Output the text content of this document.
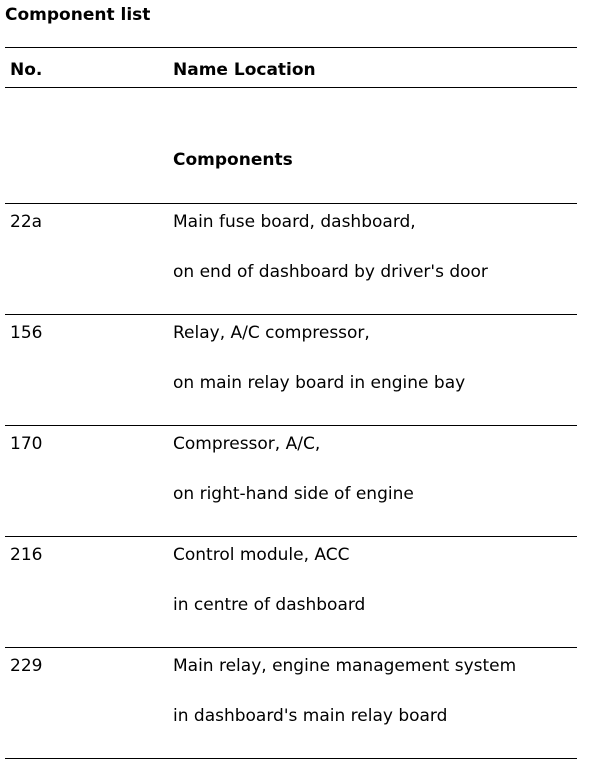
Component list
No.	Name Location
Components
22a	Main fuse board, dashboard,
on end of dashboard by driver's door
156	Relay, A/C compressor,
on main relay board in engine bay
170	Compressor, A/C,
on right-hand side of engine
216	Control module, ACC
in centre of dashboard
229	Main relay, engine management system
in dashboard's main relay board
